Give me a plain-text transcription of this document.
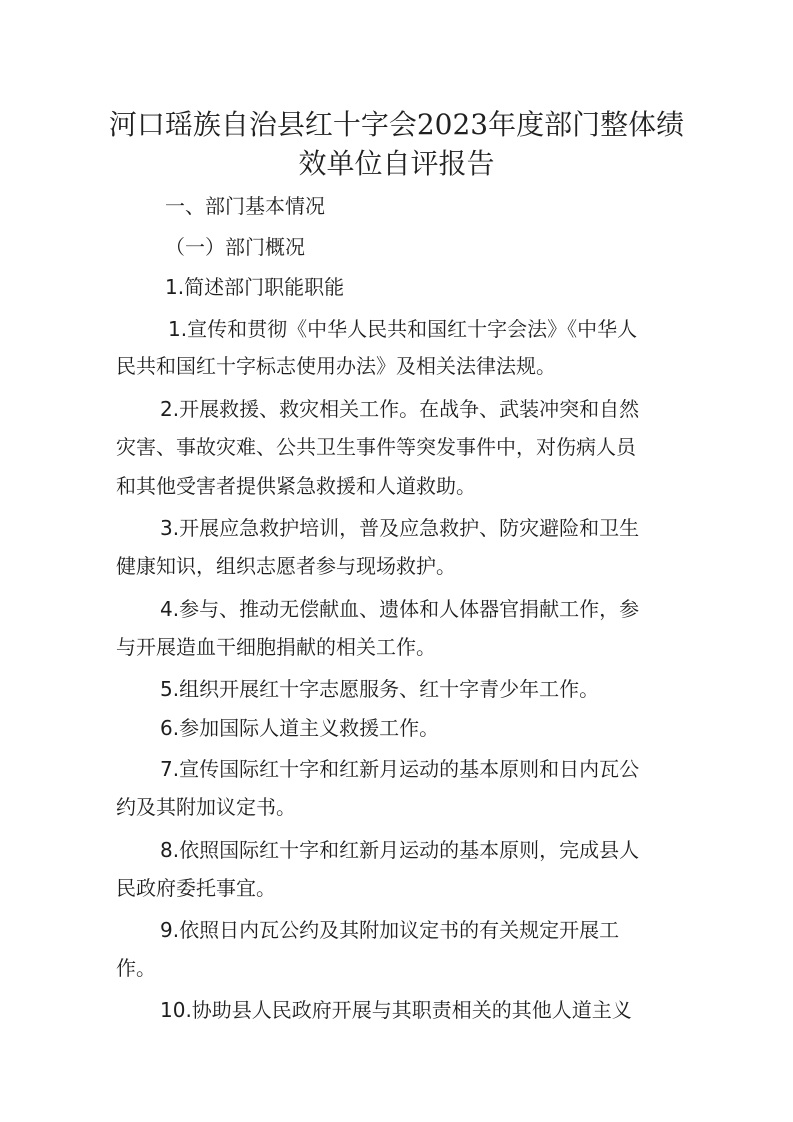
河口瑶族自治县红十字会2023年度部门整体绩
效单位自评报告
一、部门基本情况
（一）部门概况
1.简述部门职能职能
1.宣传和贯彻《中华人民共和国红十字会法》《中华人
民共和国红十字标志使用办法》及相关法律法规。
2.开展救援、救灾相关工作。在战争、武装冲突和自然
灾害、事故灾难、公共卫生事件等突发事件中，对伤病人员
和其他受害者提供紧急救援和人道救助。
3.开展应急救护培训，普及应急救护、防灾避险和卫生
健康知识，组织志愿者参与现场救护。
4.参与、推动无偿献血、遗体和人体器官捐献工作，参
与开展造血干细胞捐献的相关工作。
5.组织开展红十字志愿服务、红十字青少年工作。
6.参加国际人道主义救援工作。
7.宣传国际红十字和红新月运动的基本原则和日内瓦公
约及其附加议定书。
8.依照国际红十字和红新月运动的基本原则，完成县人
民政府委托事宜。
9.依照日内瓦公约及其附加议定书的有关规定开展工
作。
10.协助县人民政府开展与其职责相关的其他人道主义
